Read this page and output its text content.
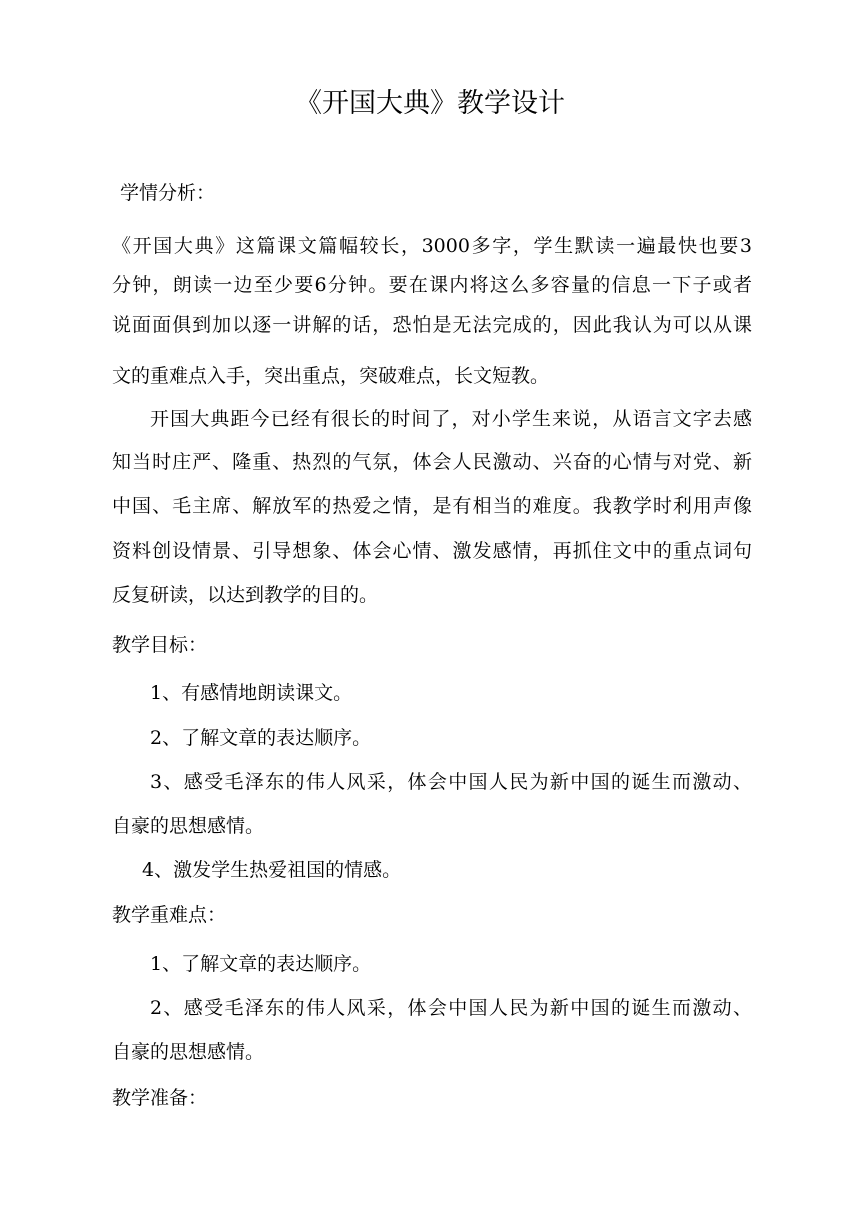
《开国大典》教学设计
学情分析：
《开国大典》这篇课文篇幅较长，3000多字，学生默读一遍最快也要3
分钟，朗读一边至少要6分钟。要在课内将这么多容量的信息一下子或者
说面面俱到加以逐一讲解的话，恐怕是无法完成的，因此我认为可以从课
文的重难点入手，突出重点，突破难点，长文短教。
开国大典距今已经有很长的时间了，对小学生来说，从语言文字去感
知当时庄严、隆重、热烈的气氛，体会人民激动、兴奋的心情与对党、新
中国、毛主席、解放军的热爱之情，是有相当的难度。我教学时利用声像
资料创设情景、引导想象、体会心情、激发感情，再抓住文中的重点词句
反复研读，以达到教学的目的。
教学目标：
1、有感情地朗读课文。
2、了解文章的表达顺序。
3、感受毛泽东的伟人风采，体会中国人民为新中国的诞生而激动、
自豪的思想感情。
4、激发学生热爱祖国的情感。
教学重难点：
1、了解文章的表达顺序。
2、感受毛泽东的伟人风采，体会中国人民为新中国的诞生而激动、
自豪的思想感情。
教学准备：
